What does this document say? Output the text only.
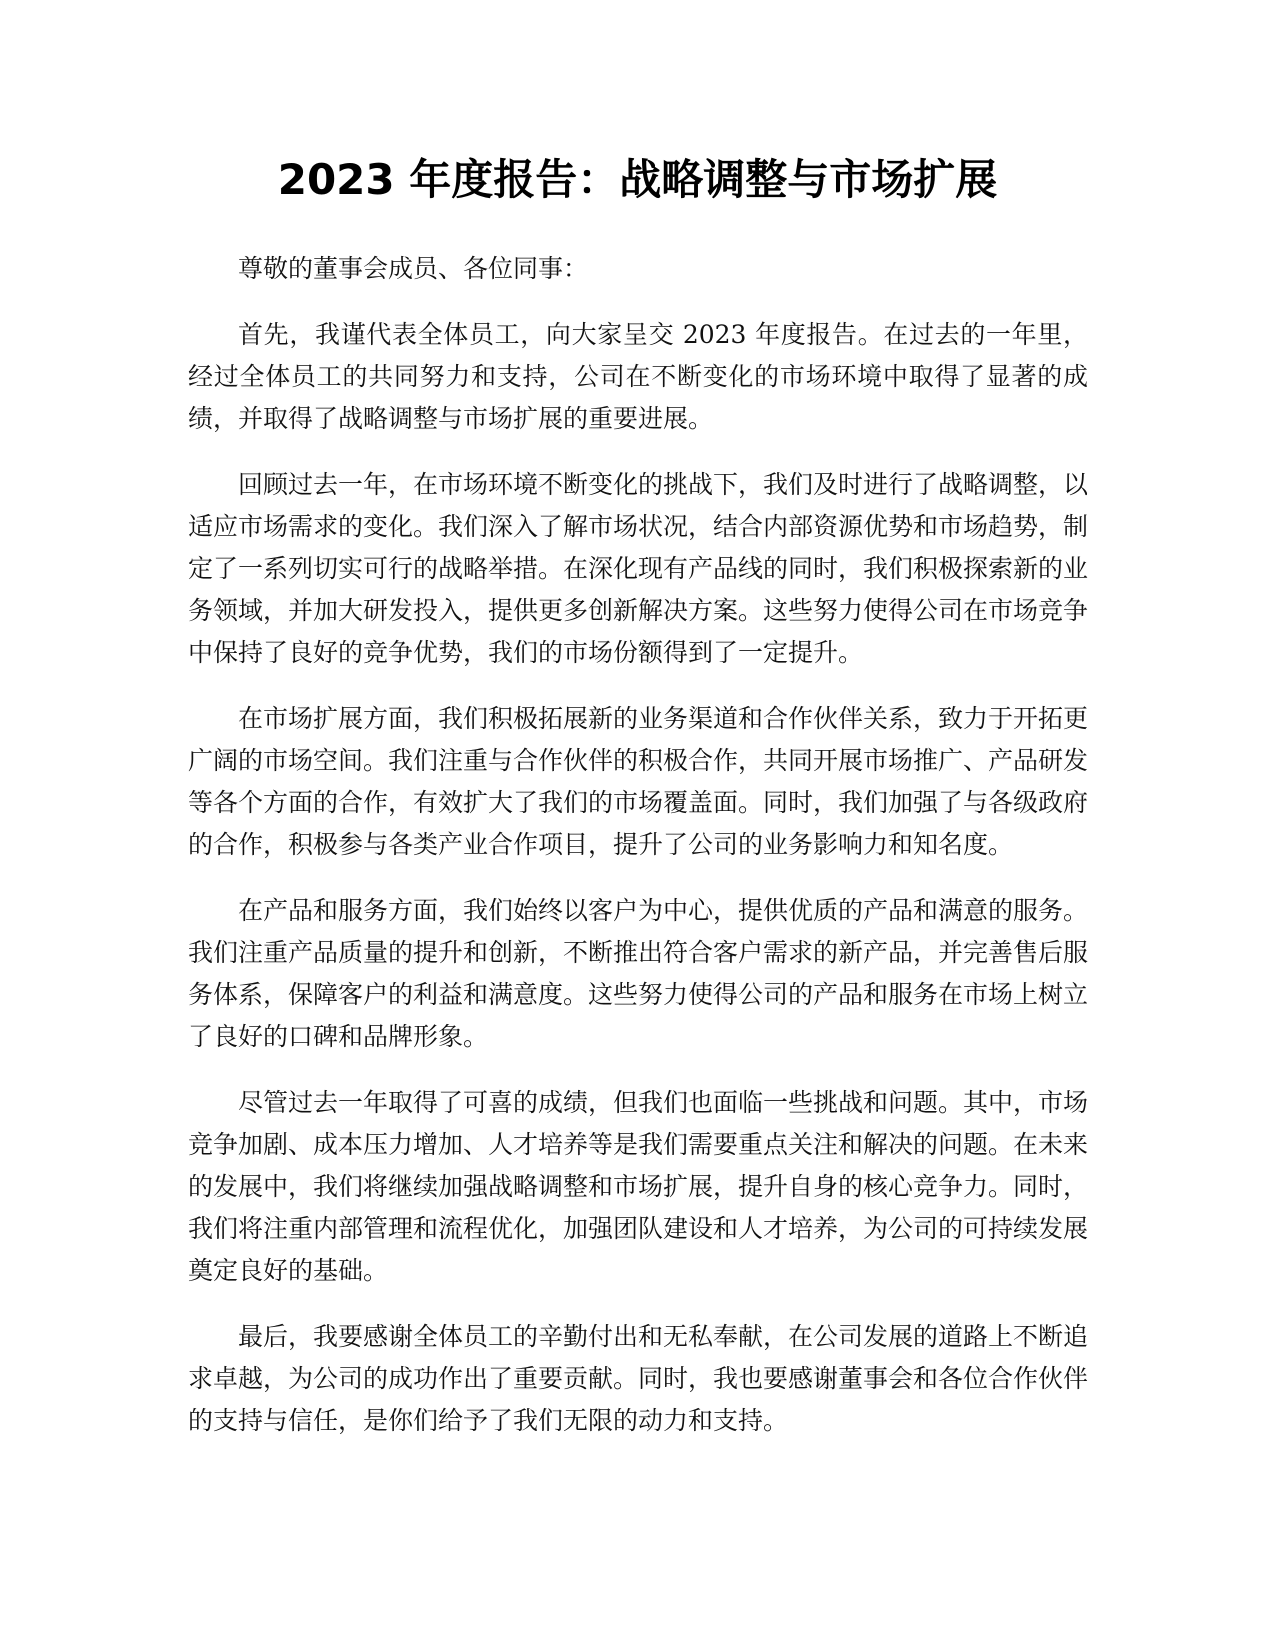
2023 年度报告：战略调整与市场扩展

尊敬的董事会成员、各位同事：

首先，我谨代表全体员工，向大家呈交 2023 年度报告。在过去的一年里，经过全体员工的共同努力和支持，公司在不断变化的市场环境中取得了显著的成绩，并取得了战略调整与市场扩展的重要进展。

回顾过去一年，在市场环境不断变化的挑战下，我们及时进行了战略调整，以适应市场需求的变化。我们深入了解市场状况，结合内部资源优势和市场趋势，制定了一系列切实可行的战略举措。在深化现有产品线的同时，我们积极探索新的业务领域，并加大研发投入，提供更多创新解决方案。这些努力使得公司在市场竞争中保持了良好的竞争优势，我们的市场份额得到了一定提升。

在市场扩展方面，我们积极拓展新的业务渠道和合作伙伴关系，致力于开拓更广阔的市场空间。我们注重与合作伙伴的积极合作，共同开展市场推广、产品研发等各个方面的合作，有效扩大了我们的市场覆盖面。同时，我们加强了与各级政府的合作，积极参与各类产业合作项目，提升了公司的业务影响力和知名度。

在产品和服务方面，我们始终以客户为中心，提供优质的产品和满意的服务。我们注重产品质量的提升和创新，不断推出符合客户需求的新产品，并完善售后服务体系，保障客户的利益和满意度。这些努力使得公司的产品和服务在市场上树立了良好的口碑和品牌形象。

尽管过去一年取得了可喜的成绩，但我们也面临一些挑战和问题。其中，市场竞争加剧、成本压力增加、人才培养等是我们需要重点关注和解决的问题。在未来的发展中，我们将继续加强战略调整和市场扩展，提升自身的核心竞争力。同时，我们将注重内部管理和流程优化，加强团队建设和人才培养，为公司的可持续发展奠定良好的基础。

最后，我要感谢全体员工的辛勤付出和无私奉献，在公司发展的道路上不断追求卓越，为公司的成功作出了重要贡献。同时，我也要感谢董事会和各位合作伙伴的支持与信任，是你们给予了我们无限的动力和支持。
